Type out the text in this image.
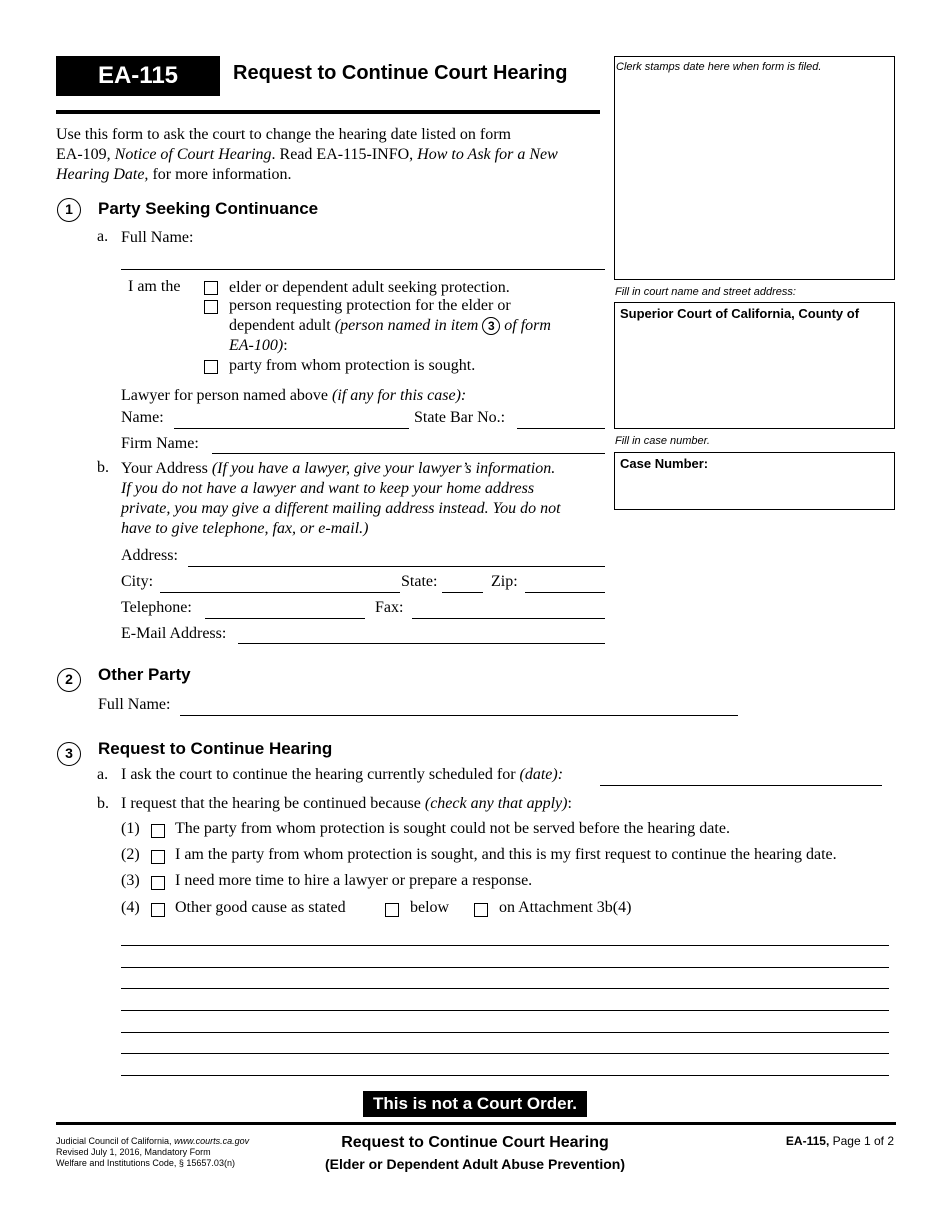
EA-115	Request to Continue Court Hearing
Use this form to ask the court to change the hearing date listed on form
EA-109, Notice of Court Hearing. Read EA-115-INFO, How to Ask for a New
Hearing Date, for more information.
Clerk stamps date here when form is filed.
Fill in court name and street address:
Superior Court of California, County of
Fill in case number.
Case Number:
1	Party Seeking Continuance
a. Full Name:
I am the	elder or dependent adult seeking protection.
person requesting protection for the elder or
dependent adult (person named in item 3 of form
EA-100):
party from whom protection is sought.
Lawyer for person named above (if any for this case):
Name:	State Bar No.:
Firm Name:
b. Your Address (If you have a lawyer, give your lawyer’s information.
If you do not have a lawyer and want to keep your home address
private, you may give a different mailing address instead. You do not
have to give telephone, fax, or e-mail.)
Address:
City:	State:	Zip:
Telephone:	Fax:
E-Mail Address:
2	Other Party
Full Name:
3	Request to Continue Hearing
a. I ask the court to continue the hearing currently scheduled for (date):
b. I request that the hearing be continued because (check any that apply):
(1) The party from whom protection is sought could not be served before the hearing date.
(2) I am the party from whom protection is sought, and this is my first request to continue the hearing date.
(3) I need more time to hire a lawyer or prepare a response.
(4) Other good cause as stated	below	on Attachment 3b(4)
This is not a Court Order.
Judicial Council of California, www.courts.ca.gov
Revised July 1, 2016, Mandatory Form
Welfare and Institutions Code, § 15657.03(n)
Request to Continue Court Hearing
(Elder or Dependent Adult Abuse Prevention)
EA-115, Page 1 of 2
